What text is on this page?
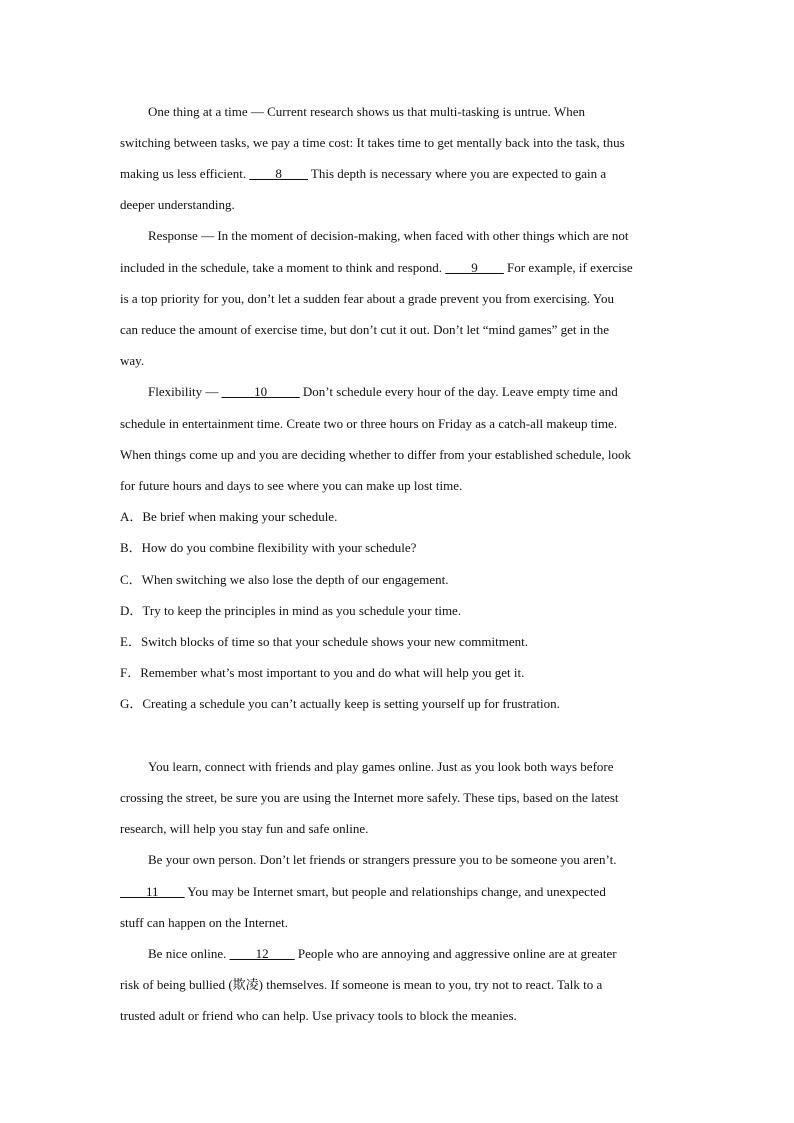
One thing at a time — Current research shows us that multi-tasking is untrue. When
switching between tasks, we pay a time cost: It takes time to get mentally back into the task, thus
making us less efficient. ____8____ This depth is necessary where you are expected to gain a
deeper understanding.
Response — In the moment of decision-making, when faced with other things which are not
included in the schedule, take a moment to think and respond. ____9____ For example, if exercise
is a top priority for you, don’t let a sudden fear about a grade prevent you from exercising. You
can reduce the amount of exercise time, but don’t cut it out. Don’t let “mind games” get in the
way.
Flexibility — _____10_____ Don’t schedule every hour of the day. Leave empty time and
schedule in entertainment time. Create two or three hours on Friday as a catch-all makeup time.
When things come up and you are deciding whether to differ from your established schedule, look
for future hours and days to see where you can make up lost time.
A．Be brief when making your schedule.
B．How do you combine flexibility with your schedule?
C．When switching we also lose the depth of our engagement.
D．Try to keep the principles in mind as you schedule your time.
E．Switch blocks of time so that your schedule shows your new commitment.
F．Remember what’s most important to you and do what will help you get it.
G．Creating a schedule you can’t actually keep is setting yourself up for frustration.
You learn, connect with friends and play games online. Just as you look both ways before
crossing the street, be sure you are using the Internet more safely. These tips, based on the latest
research, will help you stay fun and safe online.
Be your own person. Don’t let friends or strangers pressure you to be someone you aren’t.
____11____ You may be Internet smart, but people and relationships change, and unexpected
stuff can happen on the Internet.
Be nice online. ____12____ People who are annoying and aggressive online are at greater
risk of being bullied (欺凌) themselves. If someone is mean to you, try not to react. Talk to a
trusted adult or friend who can help. Use privacy tools to block the meanies.
